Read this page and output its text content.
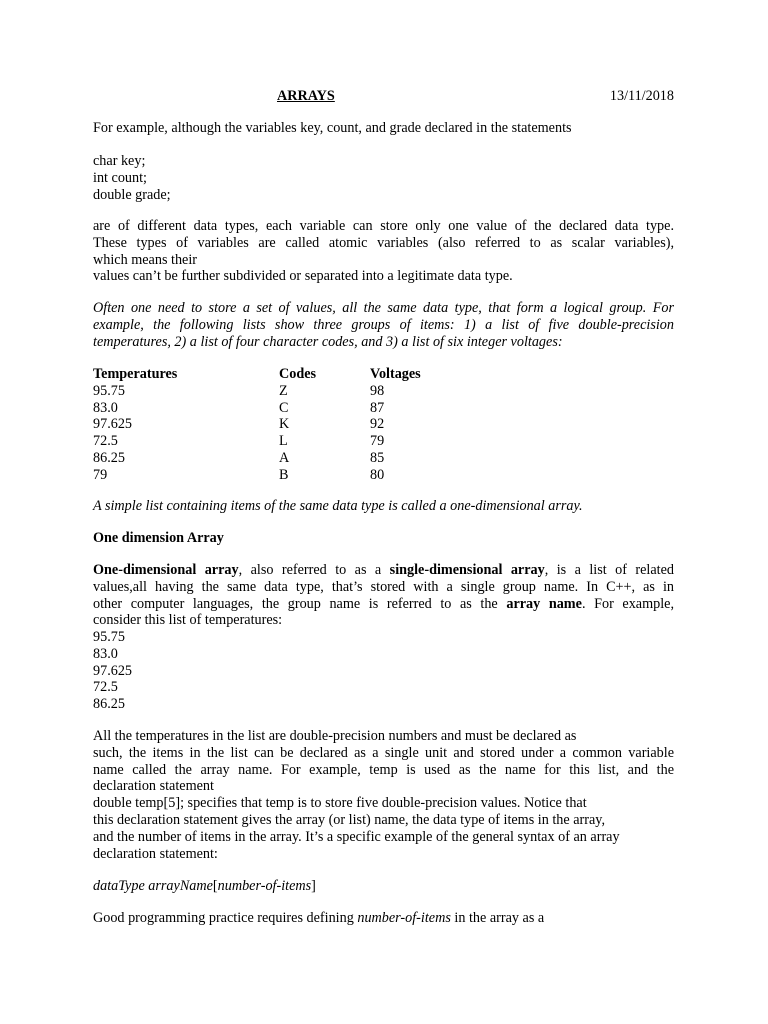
ARRAYS	13/11/2018
For example, although the variables key, count, and grade declared in the statements
char key;
int count;
double grade;
are of different data types, each variable can store only one value of the declared data type.
These types of variables are called atomic variables (also referred to as scalar variables),
which means their
values can’t be further subdivided or separated into a legitimate data type.
Often one need to store a set of values, all the same data type, that form a logical group. For
example, the following lists show three groups of items: 1) a list of five double-precision
temperatures, 2) a list of four character codes, and 3) a list of six integer voltages:
Temperatures	Codes	Voltages
95.75	Z	98
83.0	C	87
97.625	K	92
72.5	L	79
86.25	A	85
79	B	80
A simple list containing items of the same data type is called a one-dimensional array.
One dimension Array
One-dimensional array, also referred to as a single-dimensional array, is a list of related
values,all having the same data type, that’s stored with a single group name. In C++, as in
other computer languages, the group name is referred to as the array name. For example,
consider this list of temperatures:
95.75
83.0
97.625
72.5
86.25
All the temperatures in the list are double-precision numbers and must be declared as
such, the items in the list can be declared as a single unit and stored under a common variable
name called the array name. For example, temp is used as the name for this list, and the
declaration statement
double temp[5]; specifies that temp is to store five double-precision values. Notice that
this declaration statement gives the array (or list) name, the data type of items in the array,
and the number of items in the array. It’s a specific example of the general syntax of an array
declaration statement:
dataType arrayName[number-of-items]
Good programming practice requires defining number-of-items in the array as a
